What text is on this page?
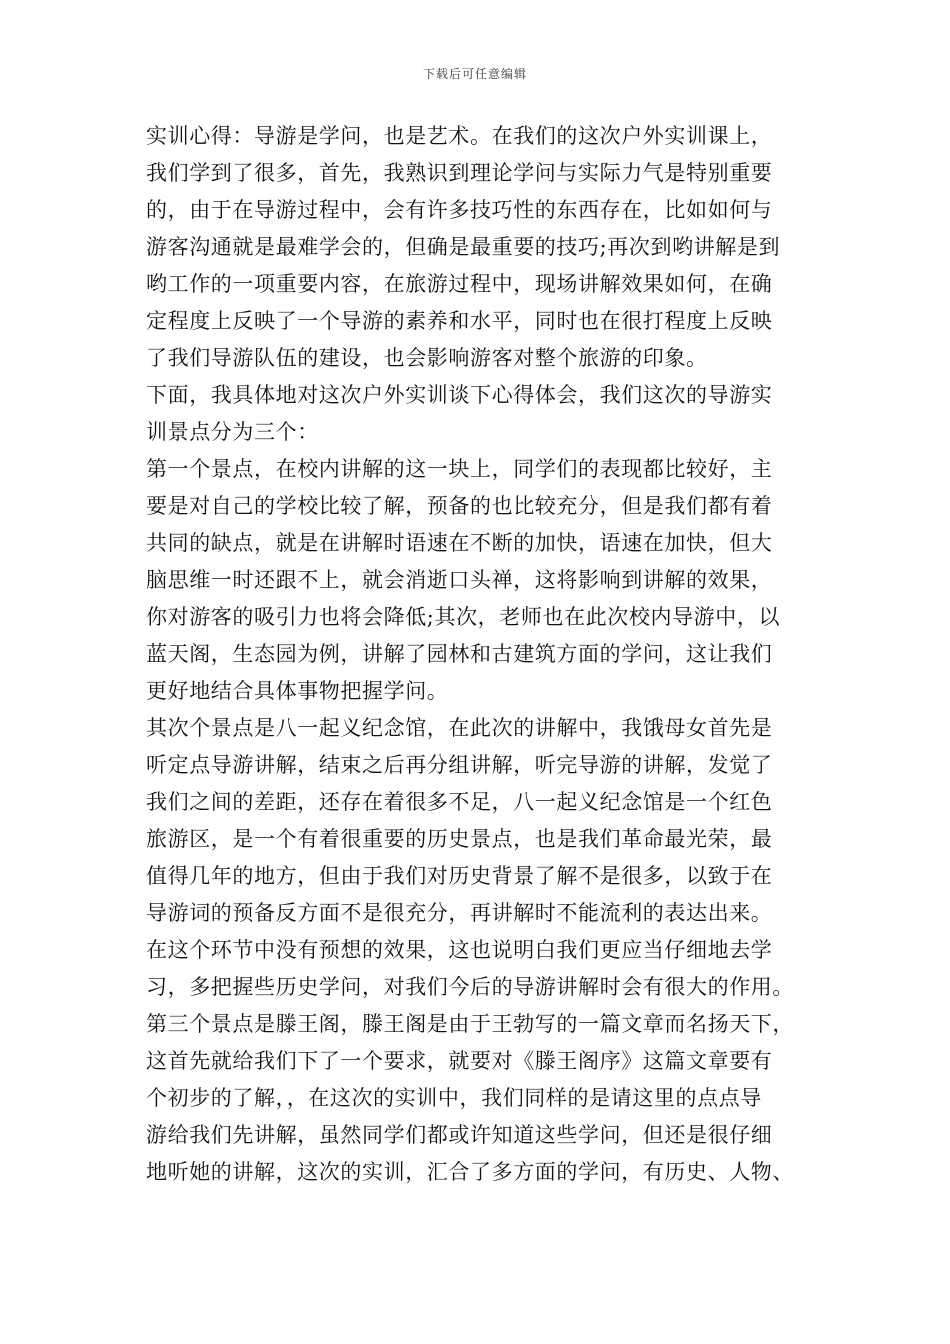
下载后可任意编辑
实训心得：导游是学问，也是艺术。在我们的这次户外实训课上，
我们学到了很多，首先，我熟识到理论学问与实际力气是特别重要
的，由于在导游过程中，会有许多技巧性的东西存在，比如如何与
游客沟通就是最难学会的，但确是最重要的技巧;再次到哟讲解是到
哟工作的一项重要内容，在旅游过程中，现场讲解效果如何，在确
定程度上反映了一个导游的素养和水平，同时也在很打程度上反映
了我们导游队伍的建设，也会影响游客对整个旅游的印象。
下面，我具体地对这次户外实训谈下心得体会，我们这次的导游实
训景点分为三个：
第一个景点，在校内讲解的这一块上，同学们的表现都比较好，主
要是对自己的学校比较了解，预备的也比较充分，但是我们都有着
共同的缺点，就是在讲解时语速在不断的加快，语速在加快，但大
脑思维一时还跟不上，就会消逝口头禅，这将影响到讲解的效果，
你对游客的吸引力也将会降低;其次，老师也在此次校内导游中，以
蓝天阁，生态园为例，讲解了园林和古建筑方面的学问，这让我们
更好地结合具体事物把握学问。
其次个景点是八一起义纪念馆，在此次的讲解中，我饿母女首先是
听定点导游讲解，结束之后再分组讲解，听完导游的讲解，发觉了
我们之间的差距，还存在着很多不足，八一起义纪念馆是一个红色
旅游区，是一个有着很重要的历史景点，也是我们革命最光荣，最
值得几年的地方，但由于我们对历史背景了解不是很多，以致于在
导游词的预备反方面不是很充分，再讲解时不能流利的表达出来。
在这个环节中没有预想的效果，这也说明白我们更应当仔细地去学
习，多把握些历史学问，对我们今后的导游讲解时会有很大的作用。
第三个景点是滕王阁，滕王阁是由于王勃写的一篇文章而名扬天下，
这首先就给我们下了一个要求，就要对《滕王阁序》这篇文章要有
个初步的了解，，在这次的实训中，我们同样的是请这里的点点导
游给我们先讲解，虽然同学们都或许知道这些学问，但还是很仔细
地听她的讲解，这次的实训，汇合了多方面的学问，有历史、人物、
